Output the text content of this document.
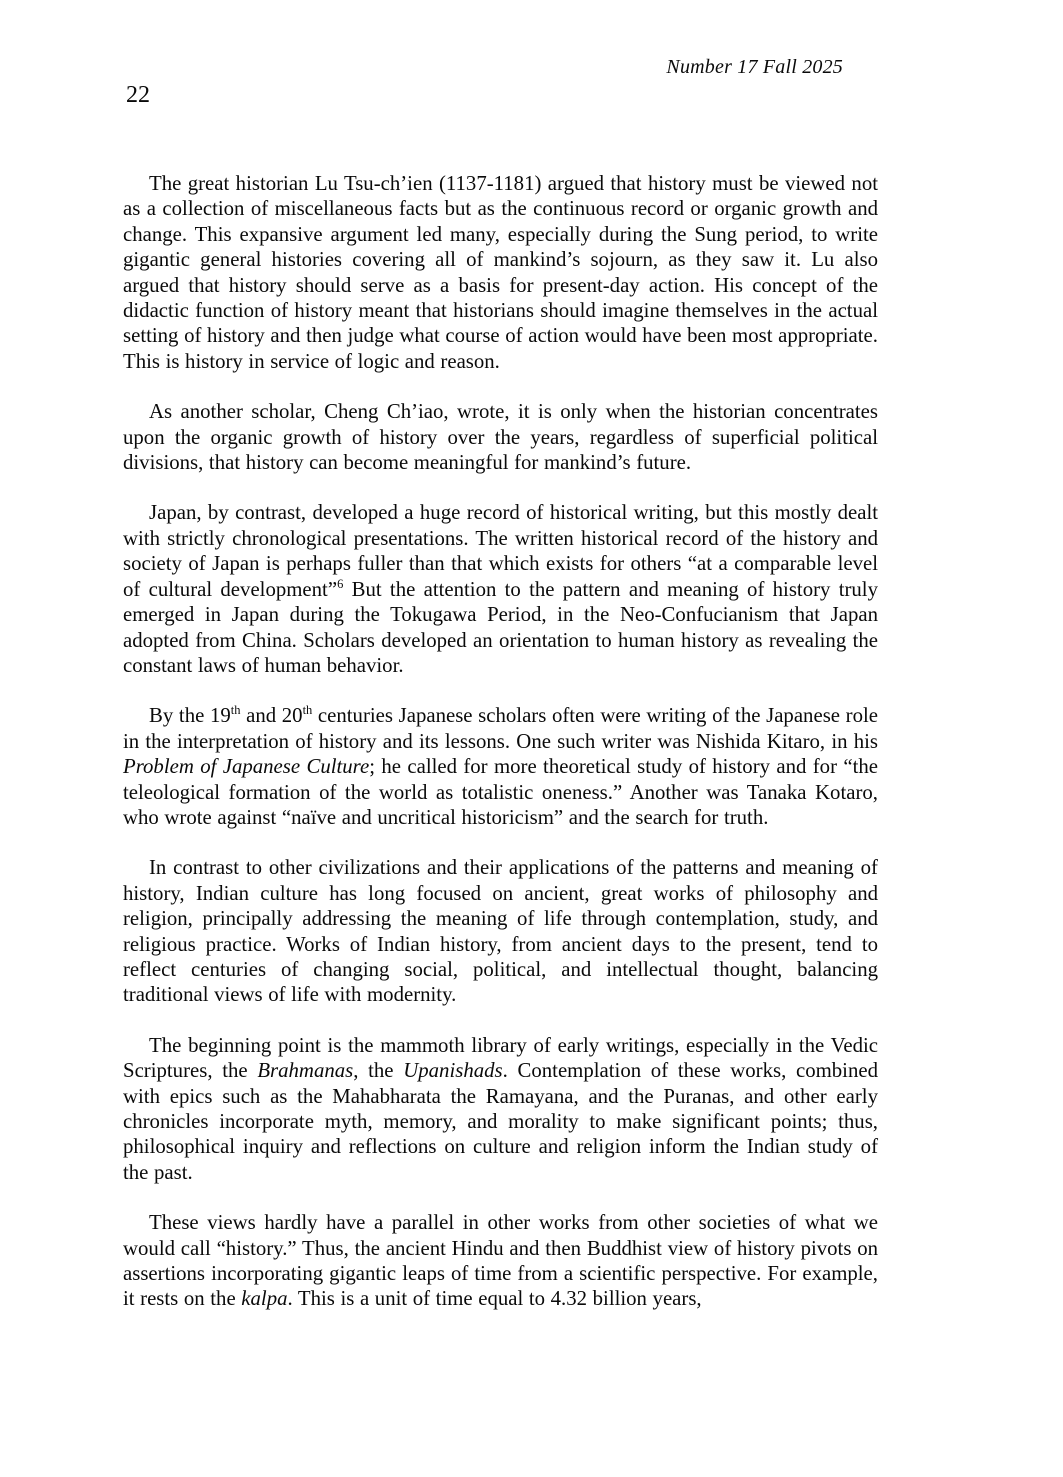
Number 17 Fall 2025
22

The great historian Lu Tsu-ch’ien (1137-1181) argued that history must be viewed not as a collection of miscellaneous facts but as the continuous record or organic growth and change. This expansive argument led many, especially during the Sung period, to write gigantic general histories covering all of mankind’s sojourn, as they saw it. Lu also argued that history should serve as a basis for present-day action. His concept of the didactic function of history meant that historians should imagine themselves in the actual setting of history and then judge what course of action would have been most appropriate. This is history in service of logic and reason.

As another scholar, Cheng Ch’iao, wrote, it is only when the historian concentrates upon the organic growth of history over the years, regardless of superficial political divisions, that history can become meaningful for mankind’s future.

Japan, by contrast, developed a huge record of historical writing, but this mostly dealt with strictly chronological presentations. The written historical record of the history and society of Japan is perhaps fuller than that which exists for others “at a comparable level of cultural development”$^6$ But the attention to the pattern and meaning of history truly emerged in Japan during the Tokugawa Period, in the Neo-Confucianism that Japan adopted from China. Scholars developed an orientation to human history as revealing the constant laws of human behavior.

By the 19th and 20th centuries Japanese scholars often were writing of the Japanese role in the interpretation of history and its lessons. One such writer was Nishida Kitaro, in his Problem of Japanese Culture; he called for more theoretical study of history and for “the teleological formation of the world as totalistic oneness.” Another was Tanaka Kotaro, who wrote against “naïve and uncritical historicism” and the search for truth.

In contrast to other civilizations and their applications of the patterns and meaning of history, Indian culture has long focused on ancient, great works of philosophy and religion, principally addressing the meaning of life through contemplation, study, and religious practice. Works of Indian history, from ancient days to the present, tend to reflect centuries of changing social, political, and intellectual thought, balancing traditional views of life with modernity.

The beginning point is the mammoth library of early writings, especially in the Vedic Scriptures, the Brahmanas, the Upanishads. Contemplation of these works, combined with epics such as the Mahabharata the Ramayana, and the Puranas, and other early chronicles incorporate myth, memory, and morality to make significant points; thus, philosophical inquiry and reflections on culture and religion inform the Indian study of the past.

These views hardly have a parallel in other works from other societies of what we would call “history.” Thus, the ancient Hindu and then Buddhist view of history pivots on assertions incorporating gigantic leaps of time from a scientific perspective. For example, it rests on the kalpa. This is a unit of time equal to 4.32 billion years,
